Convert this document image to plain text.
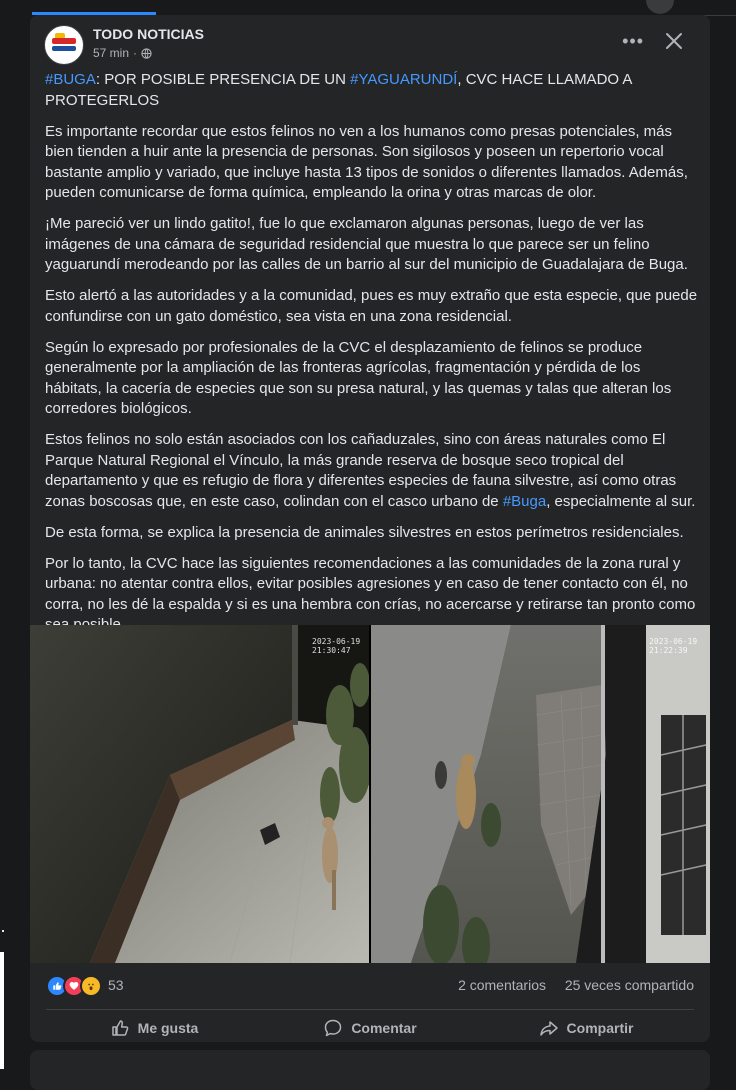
TODO NOTICIAS
57 min ·
•••

#BUGA: POR POSIBLE PRESENCIA DE UN #YAGUARUNDÍ, CVC HACE LLAMADO A PROTEGERLOS

Es importante recordar que estos felinos no ven a los humanos como presas potenciales, más bien tienden a huir ante la presencia de personas. Son sigilosos y poseen un repertorio vocal bastante amplio y variado, que incluye hasta 13 tipos de sonidos o diferentes llamados. Además, pueden comunicarse de forma química, empleando la orina y otras marcas de olor.

¡Me pareció ver un lindo gatito!, fue lo que exclamaron algunas personas, luego de ver las imágenes de una cámara de seguridad residencial que muestra lo que parece ser un felino yaguarundí merodeando por las calles de un barrio al sur del municipio de Guadalajara de Buga.

Esto alertó a las autoridades y a la comunidad, pues es muy extraño que esta especie, que puede confundirse con un gato doméstico, sea vista en una zona residencial.

Según lo expresado por profesionales de la CVC el desplazamiento de felinos se produce generalmente por la ampliación de las fronteras agrícolas, fragmentación y pérdida de los hábitats, la cacería de especies que son su presa natural, y las quemas y talas que alteran los corredores biológicos.

Estos felinos no solo están asociados con los cañaduzales, sino con áreas naturales como El Parque Natural Regional el Vínculo, la más grande reserva de bosque seco tropical del departamento y que es refugio de flora y diferentes especies de fauna silvestre, así como otras zonas boscosas que, en este caso, colindan con el casco urbano de #Buga, especialmente al sur.

De esta forma, se explica la presencia de animales silvestres en estos perímetros residenciales.

Por lo tanto, la CVC hace las siguientes recomendaciones a las comunidades de la zona rural y urbana: no atentar contra ellos, evitar posibles agresiones y en caso de tener contacto con él, no corra, no les dé la espalda y si es una hembra con crías, no acercarse y retirarse tan pronto como

2023-06-19 21:30:47
2023-06-19 21:22:39
53	2 comentarios 25 veces compartido
Me gusta	Comentar	Compartir
